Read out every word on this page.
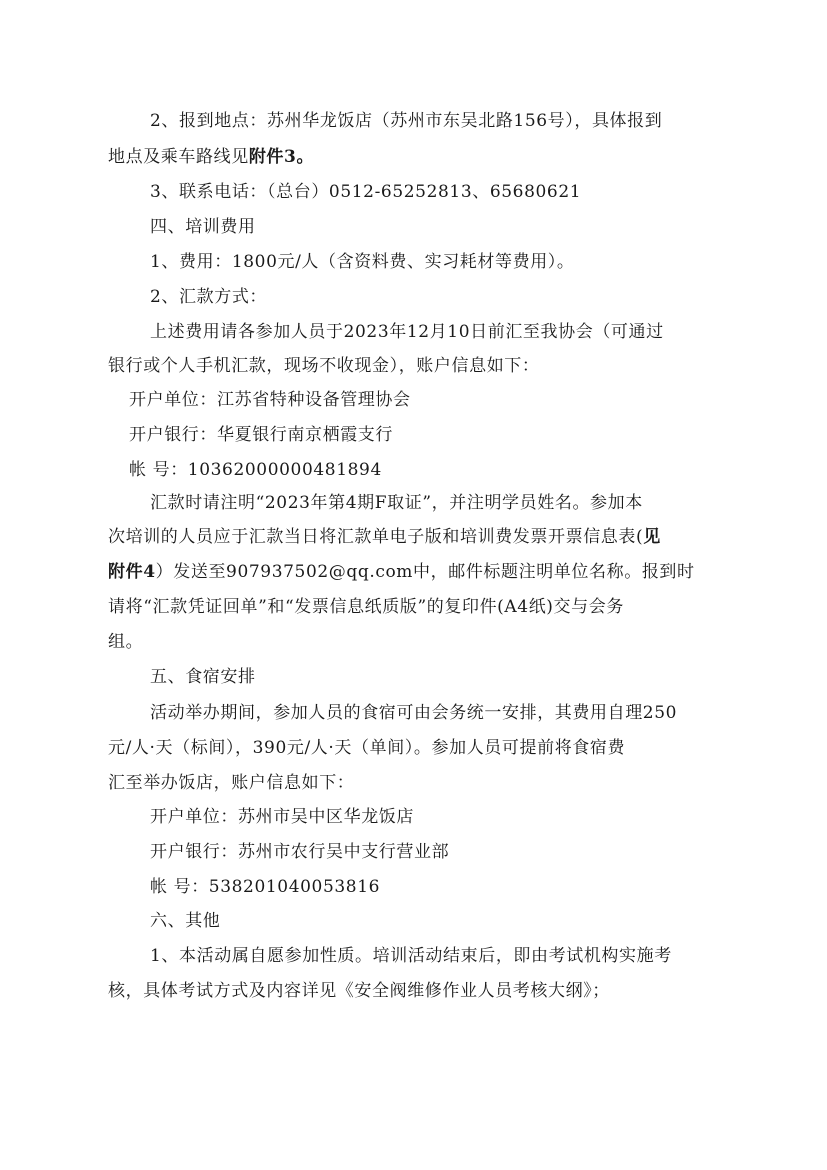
2、报到地点：苏州华龙饭店（苏州市东吴北路156号），具体报到
地点及乘车路线见附件3。
3、联系电话：（总台）0512-65252813、65680621
四、培训费用
1、费用：1800元/人（含资料费、实习耗材等费用）。
2、汇款方式：
上述费用请各参加人员于2023年12月10日前汇至我协会（可通过
银行或个人手机汇款，现场不收现金），账户信息如下：
开户单位：江苏省特种设备管理协会
开户银行：华夏银行南京栖霞支行
帐 号：10362000000481894
汇款时请注明“2023年第4期F取证”，并注明学员姓名。参加本
次培训的人员应于汇款当日将汇款单电子版和培训费发票开票信息表(见
附件4）发送至907937502@qq.com中，邮件标题注明单位名称。报到时
请将“汇款凭证回单”和“发票信息纸质版”的复印件(A4纸)交与会务
组。
五、食宿安排
活动举办期间，参加人员的食宿可由会务统一安排，其费用自理250
元/人·天（标间），390元/人·天（单间）。参加人员可提前将食宿费
汇至举办饭店，账户信息如下：
开户单位：苏州市吴中区华龙饭店
开户银行：苏州市农行吴中支行营业部
帐 号：538201040053816
六、其他
1、本活动属自愿参加性质。培训活动结束后，即由考试机构实施考
核，具体考试方式及内容详见《安全阀维修作业人员考核大纲》；
